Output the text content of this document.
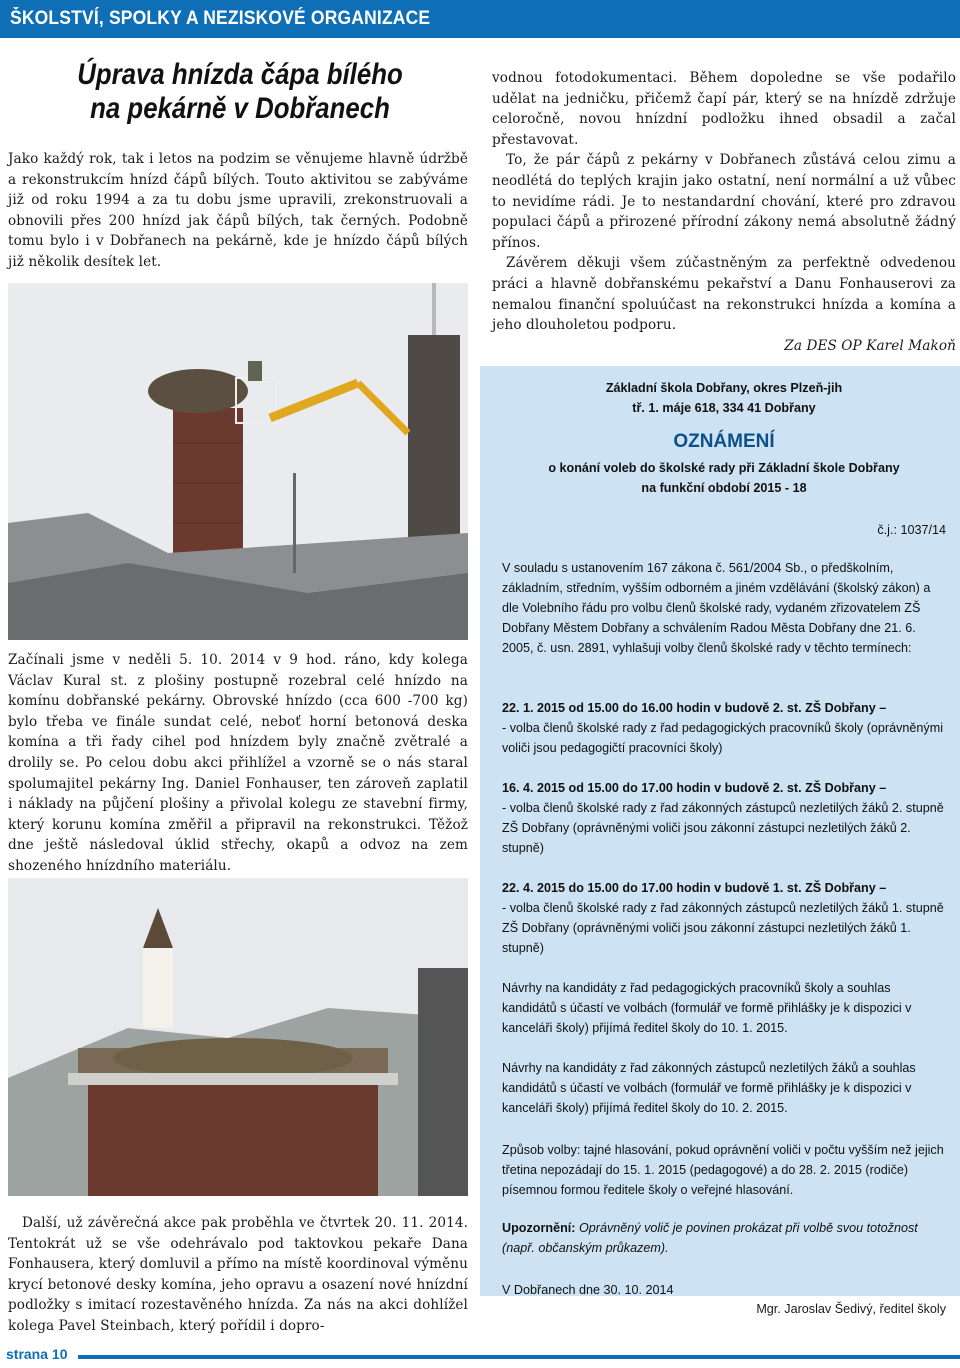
ŠKOLSTVÍ, SPOLKY A NEZISKOVÉ ORGANIZACE
Úprava hnízda čápa bílého
na pekárně v Dobřanech

Jako každý rok, tak i letos na podzim se věnujeme hlavně údržbě a rekonstrukcím hnízd čápů bílých. Touto aktivitou se zabýváme již od roku 1994 a za tu dobu jsme upravili, zrekonstruovali a obnovili přes 200 hnízd jak čápů bílých, tak černých. Podobně tomu bylo i v Dobřanech na pekárně, kde je hnízdo čápů bílých již několik desítek let.

Začínali jsme v neděli 5. 10. 2014 v 9 hod. ráno, kdy kolega Václav Kural st. z plošiny postupně rozebral celé hnízdo na komínu dobřanské pekárny. Obrovské hnízdo (cca 600 -700 kg) bylo třeba ve finále sundat celé, neboť horní betonová deska komína a tři řady cihel pod hnízdem byly značně zvětralé a drolily se. Po celou dobu akci přihlížel a vzorně se o nás staral spolumajitel pekárny Ing. Daniel Fonhauser, ten zároveň zaplatil i náklady na půjčení plošiny a přivolal kolegu ze stavební firmy, který korunu komína změřil a připravil na rekonstrukci. Těžož dne ještě následoval úklid střechy, okapů a odvoz na zem shozeného hnízdního materiálu.

Další, už závěrečná akce pak proběhla ve čtvrtek 20. 11. 2014. Tentokrát už se vše odehrávalo pod taktovkou pekaře Dana Fonhausera, který domluvil a přímo na místě koordinoval výměnu krycí betonové desky komína, jeho opravu a osazení nové hnízdní podložky s imitací rozestavěného hnízda. Za nás na akci dohlížel kolega Pavel Steinbach, který pořídil i dopro-

vodnou fotodokumentaci. Během dopoledne se vše podařilo udělat na jedničku, přičemž čapí pár, který se na hnízdě zdržuje celoročně, novou hnízdní podložku ihned obsadil a začal přestavovat.

To, že pár čápů z pekárny v Dobřanech zůstává celou zimu a neodlétá do teplých krajin jako ostatní, není normální a už vůbec to nevidíme rádi. Je to nestandardní chování, které pro zdravou populaci čápů a přirozené přírodní zákony nemá absolutně žádný přínos.

Závěrem děkuji všem zúčastněným za perfektně odvedenou práci a hlavně dobřanskému pekařství a Danu Fonhauserovi za nemalou finanční spoluúčast na rekonstrukci hnízda a komína a jeho dlouholetou podporu.

Za DES OP Karel Makoň

Základní škola Dobřany, okres Plzeň-jih
tř. 1. máje 618, 334 41 Dobřany
OZNÁMENÍ
o konání voleb do školské rady při Základní škole Dobřany
na funkční období 2015 - 18
č.j.: 1037/14
V souladu s ustanovením 167 zákona č. 561/2004 Sb., o předškolním, základním, středním, vyšším odborném a jiném vzdělávání (školský zákon) a dle Volebního řádu pro volbu členů školské rady, vydaném zřizovatelem ZŠ Dobřany Městem Dobřany a schválením Radou Města Dobřany dne 21. 6. 2005, č. usn. 2891, vyhlašuji volby členů školské rady v těchto termínech:
22. 1. 2015 od 15.00 do 16.00 hodin v budově 2. st. ZŠ Dobřany –
- volba členů školské rady z řad pedagogických pracovníků školy (oprávněnými voliči jsou pedagogičtí pracovníci školy)
16. 4. 2015 od 15.00 do 17.00 hodin v budově 2. st. ZŠ Dobřany –
- volba členů školské rady z řad zákonných zástupců nezletilých žáků 2. stupně ZŠ Dobřany (oprávněnými voliči jsou zákonní zástupci nezletilých žáků 2. stupně)
22. 4. 2015 do 15.00 do 17.00 hodin v budově 1. st. ZŠ Dobřany –
- volba členů školské rady z řad zákonných zástupců nezletilých žáků 1. stupně ZŠ Dobřany (oprávněnými voliči jsou zákonní zástupci nezletilých žáků 1. stupně)
Návrhy na kandidáty z řad pedagogických pracovníků školy a souhlas kandidátů s účastí ve volbách (formulář ve formě přihlášky je k dispozici v kanceláři školy) přijímá ředitel školy do 10. 1. 2015.
Návrhy na kandidáty z řad zákonných zástupců nezletilých žáků a souhlas kandidátů s účastí ve volbách (formulář ve formě přihlášky je k dispozici v kanceláři školy) přijímá ředitel školy do 10. 2. 2015.
Způsob volby: tajné hlasování, pokud oprávnění voliči v počtu vyšším než jejich třetina nepozádají do 15. 1. 2015 (pedagogové) a do 28. 2. 2015 (rodiče) písemnou formou ředitele školy o veřejné hlasování.
Upozornění: Oprávněný volič je povinen prokázat při volbě svou totožnost (např. občanským průkazem).
V Dobřanech dne 30. 10. 2014
Mgr. Jaroslav Šedivý, ředitel školy
strana 10
